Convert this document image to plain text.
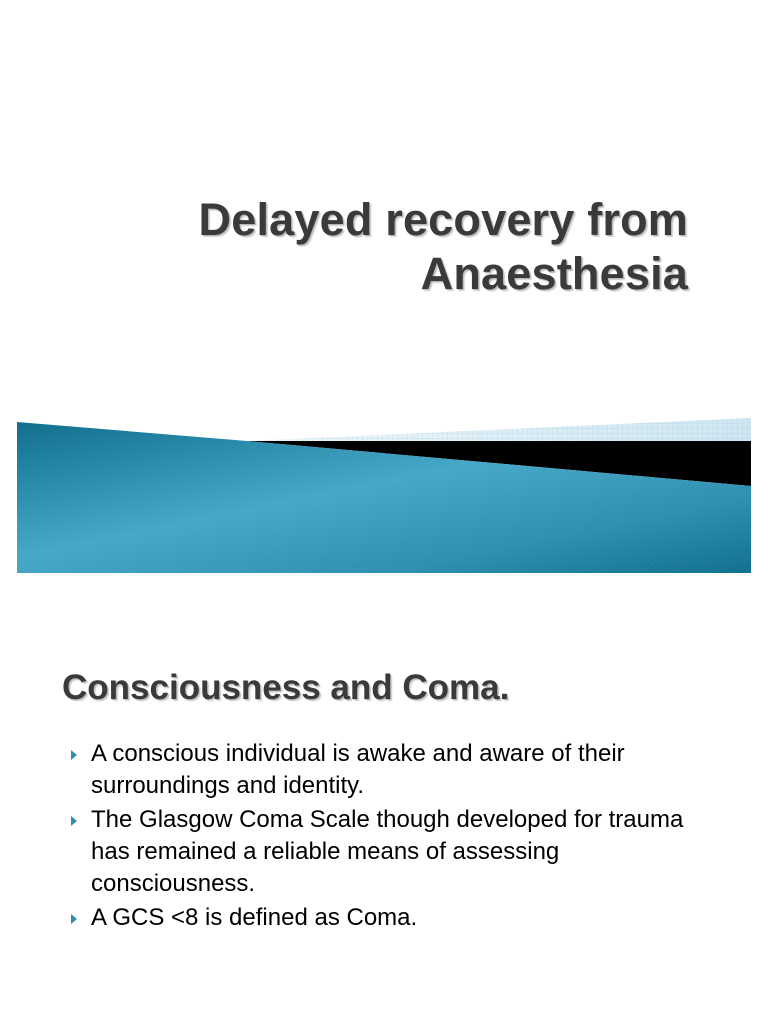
Delayed recovery from
Anaesthesia
Consciousness and Coma.
A conscious individual is awake and aware of their surroundings and identity.
The Glasgow Coma Scale though developed for trauma has remained a reliable means of assessing consciousness.
A GCS <8 is defined as Coma.
